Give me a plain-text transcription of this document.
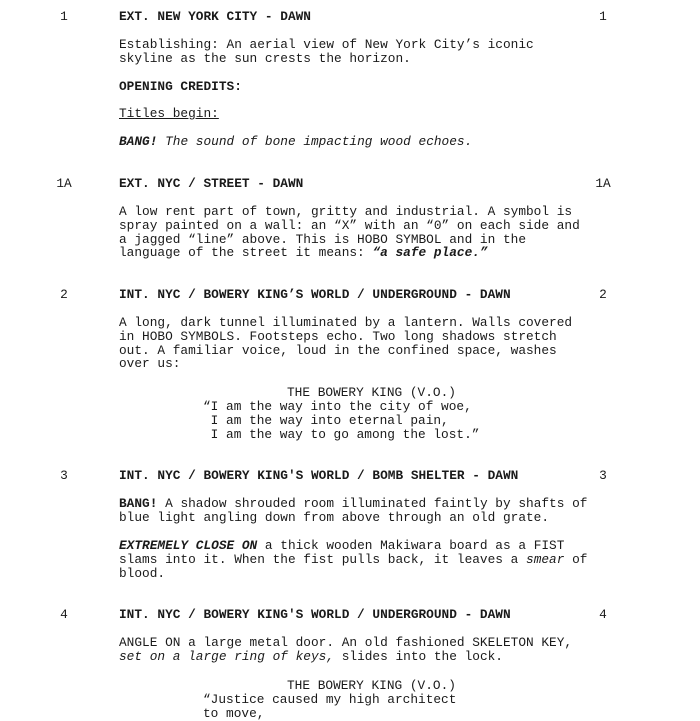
1	EXT. NEW YORK CITY - DAWN	1
Establishing: An aerial view of New York City’s iconic
skyline as the sun crests the horizon.
OPENING CREDITS:
Titles begin:
BANG! The sound of bone impacting wood echoes.
1A	EXT. NYC / STREET - DAWN	1A
A low rent part of town, gritty and industrial. A symbol is
spray painted on a wall: an “X” with an “0” on each side and
a jagged “line” above. This is HOBO SYMBOL and in the
language of the street it means: “a safe place.”
2	INT. NYC / BOWERY KING’S WORLD / UNDERGROUND - DAWN	2
A long, dark tunnel illuminated by a lantern. Walls covered
in HOBO SYMBOLS. Footsteps echo. Two long shadows stretch
out. A familiar voice, loud in the confined space, washes
over us:
THE BOWERY KING (V.O.)
“I am the way into the city of woe,
I am the way into eternal pain,
I am the way to go among the lost.”
3	INT. NYC / BOWERY KING'S WORLD / BOMB SHELTER - DAWN	3
BANG! A shadow shrouded room illuminated faintly by shafts of
blue light angling down from above through an old grate.
EXTREMELY CLOSE ON a thick wooden Makiwara board as a FIST
slams into it. When the fist pulls back, it leaves a smear of
blood.
4	INT. NYC / BOWERY KING'S WORLD / UNDERGROUND - DAWN	4
ANGLE ON a large metal door. An old fashioned SKELETON KEY,
set on a large ring of keys, slides into the lock.
THE BOWERY KING (V.O.)
“Justice caused my high architect
to move,
